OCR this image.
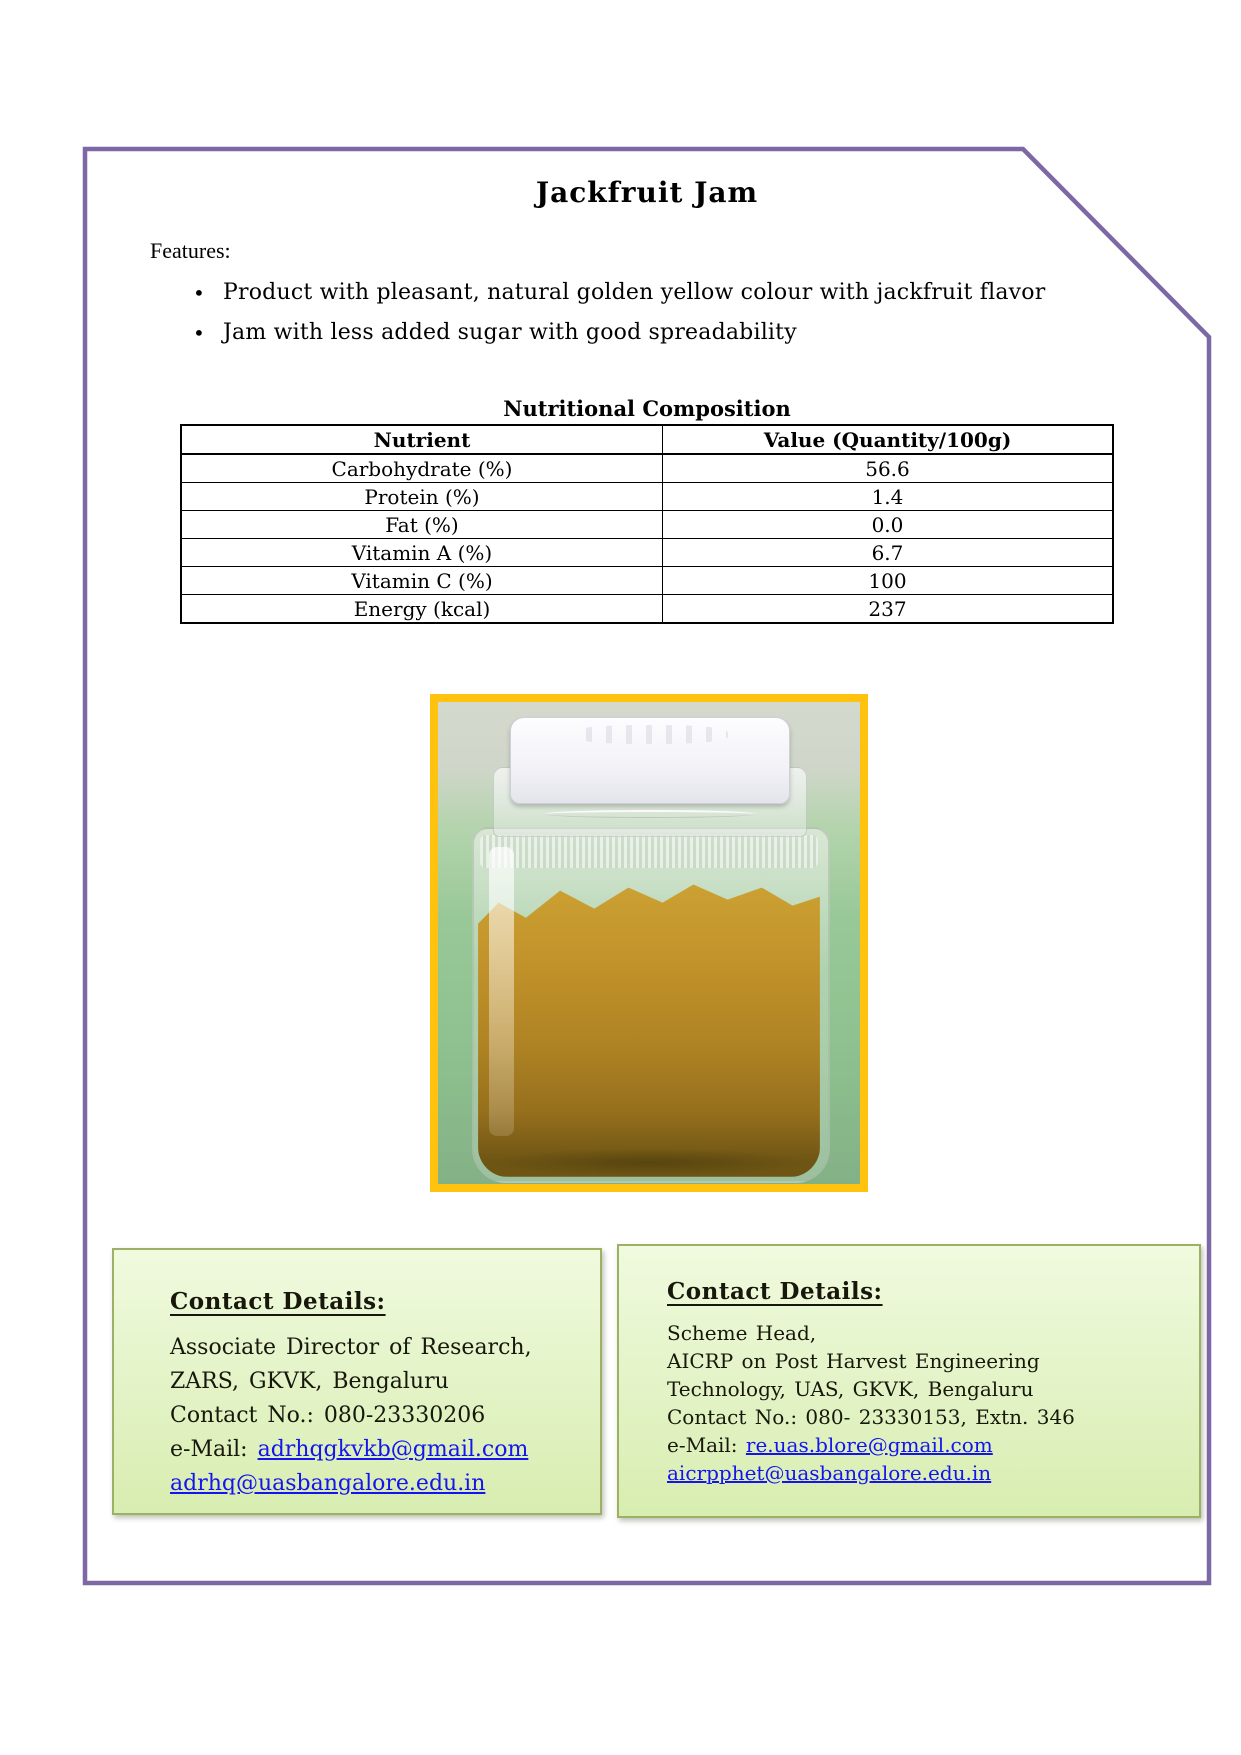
Jackfruit Jam
Features:
• Product with pleasant, natural golden yellow colour with jackfruit flavor
• Jam with less added sugar with good spreadability
Nutritional Composition
Nutrient	Value (Quantity/100g)
Carbohydrate (%)	56.6
Protein (%)	1.4
Fat (%)	0.0
Vitamin A (%)	6.7
Vitamin C (%)	100
Energy (kcal)	237
Contact Details:
Associate Director of Research,
ZARS, GKVK, Bengaluru
Contact No.: 080-23330206
e-Mail: adrhqgkvkb@gmail.com
adrhq@uasbangalore.edu.in
Contact Details:
Scheme Head,
AICRP on Post Harvest Engineering
Technology, UAS, GKVK, Bengaluru
Contact No.: 080- 23330153, Extn. 346
e-Mail: re.uas.blore@gmail.com
aicrpphet@uasbangalore.edu.in
